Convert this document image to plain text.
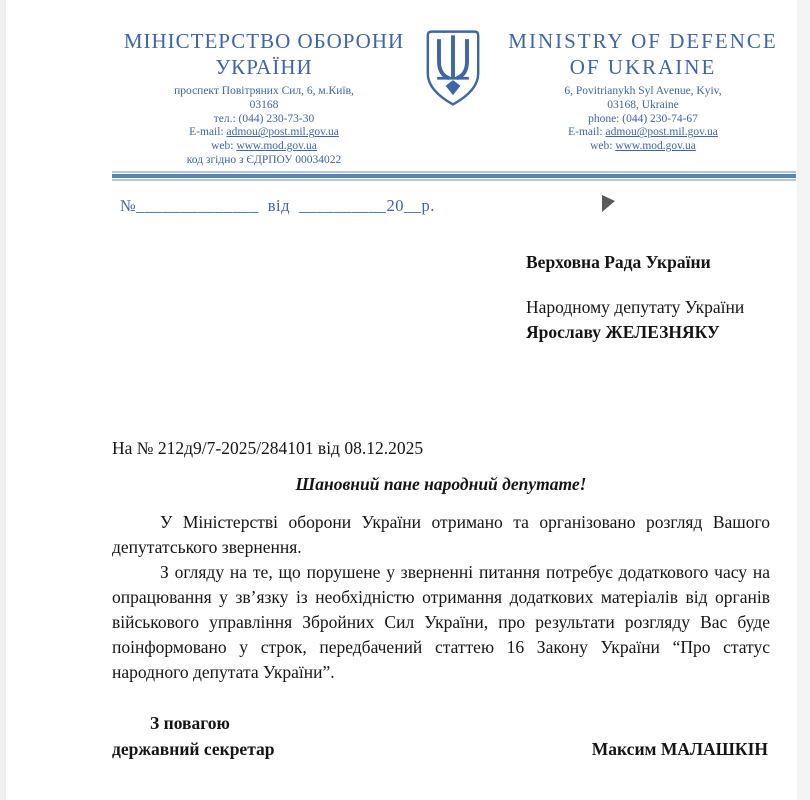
МІНІСТЕРСТВО ОБОРОНИ
УКРАЇНИ
проспект Повітряних Сил, 6, м.Київ,
03168
тел.: (044) 230-73-30
E-mail: admou@post.mil.gov.ua
web: www.mod.gov.ua
код згідно з ЄДРПОУ 00034022
MINISTRY OF DEFENCE
OF UKRAINE
6, Povitrianykh Syl Avenue, Kyiv,
03168, Ukraine
phone: (044) 230-74-67
E-mail: admou@post.mil.gov.ua
web: www.mod.gov.ua
№______________ від __________20__р.
Верховна Рада України
Народному депутату України
Ярославу ЖЕЛЕЗНЯКУ
На № 212д9/7-2025/284101 від 08.12.2025
Шановний пане народний депутате!

У Міністерстві оборони України отримано та організовано розгляд Вашого депутатського звернення.

З огляду на те, що порушене у зверненні питання потребує додаткового часу на опрацювання у зв’язку із необхідністю отримання додаткових матеріалів від органів військового управління Збройних Сил України, про результати розгляду Вас буде поінформовано у строк, передбачений статтею 16 Закону України “Про статус народного депутата України”.

З повагою
державний секретар	Максим МАЛАШКІН
